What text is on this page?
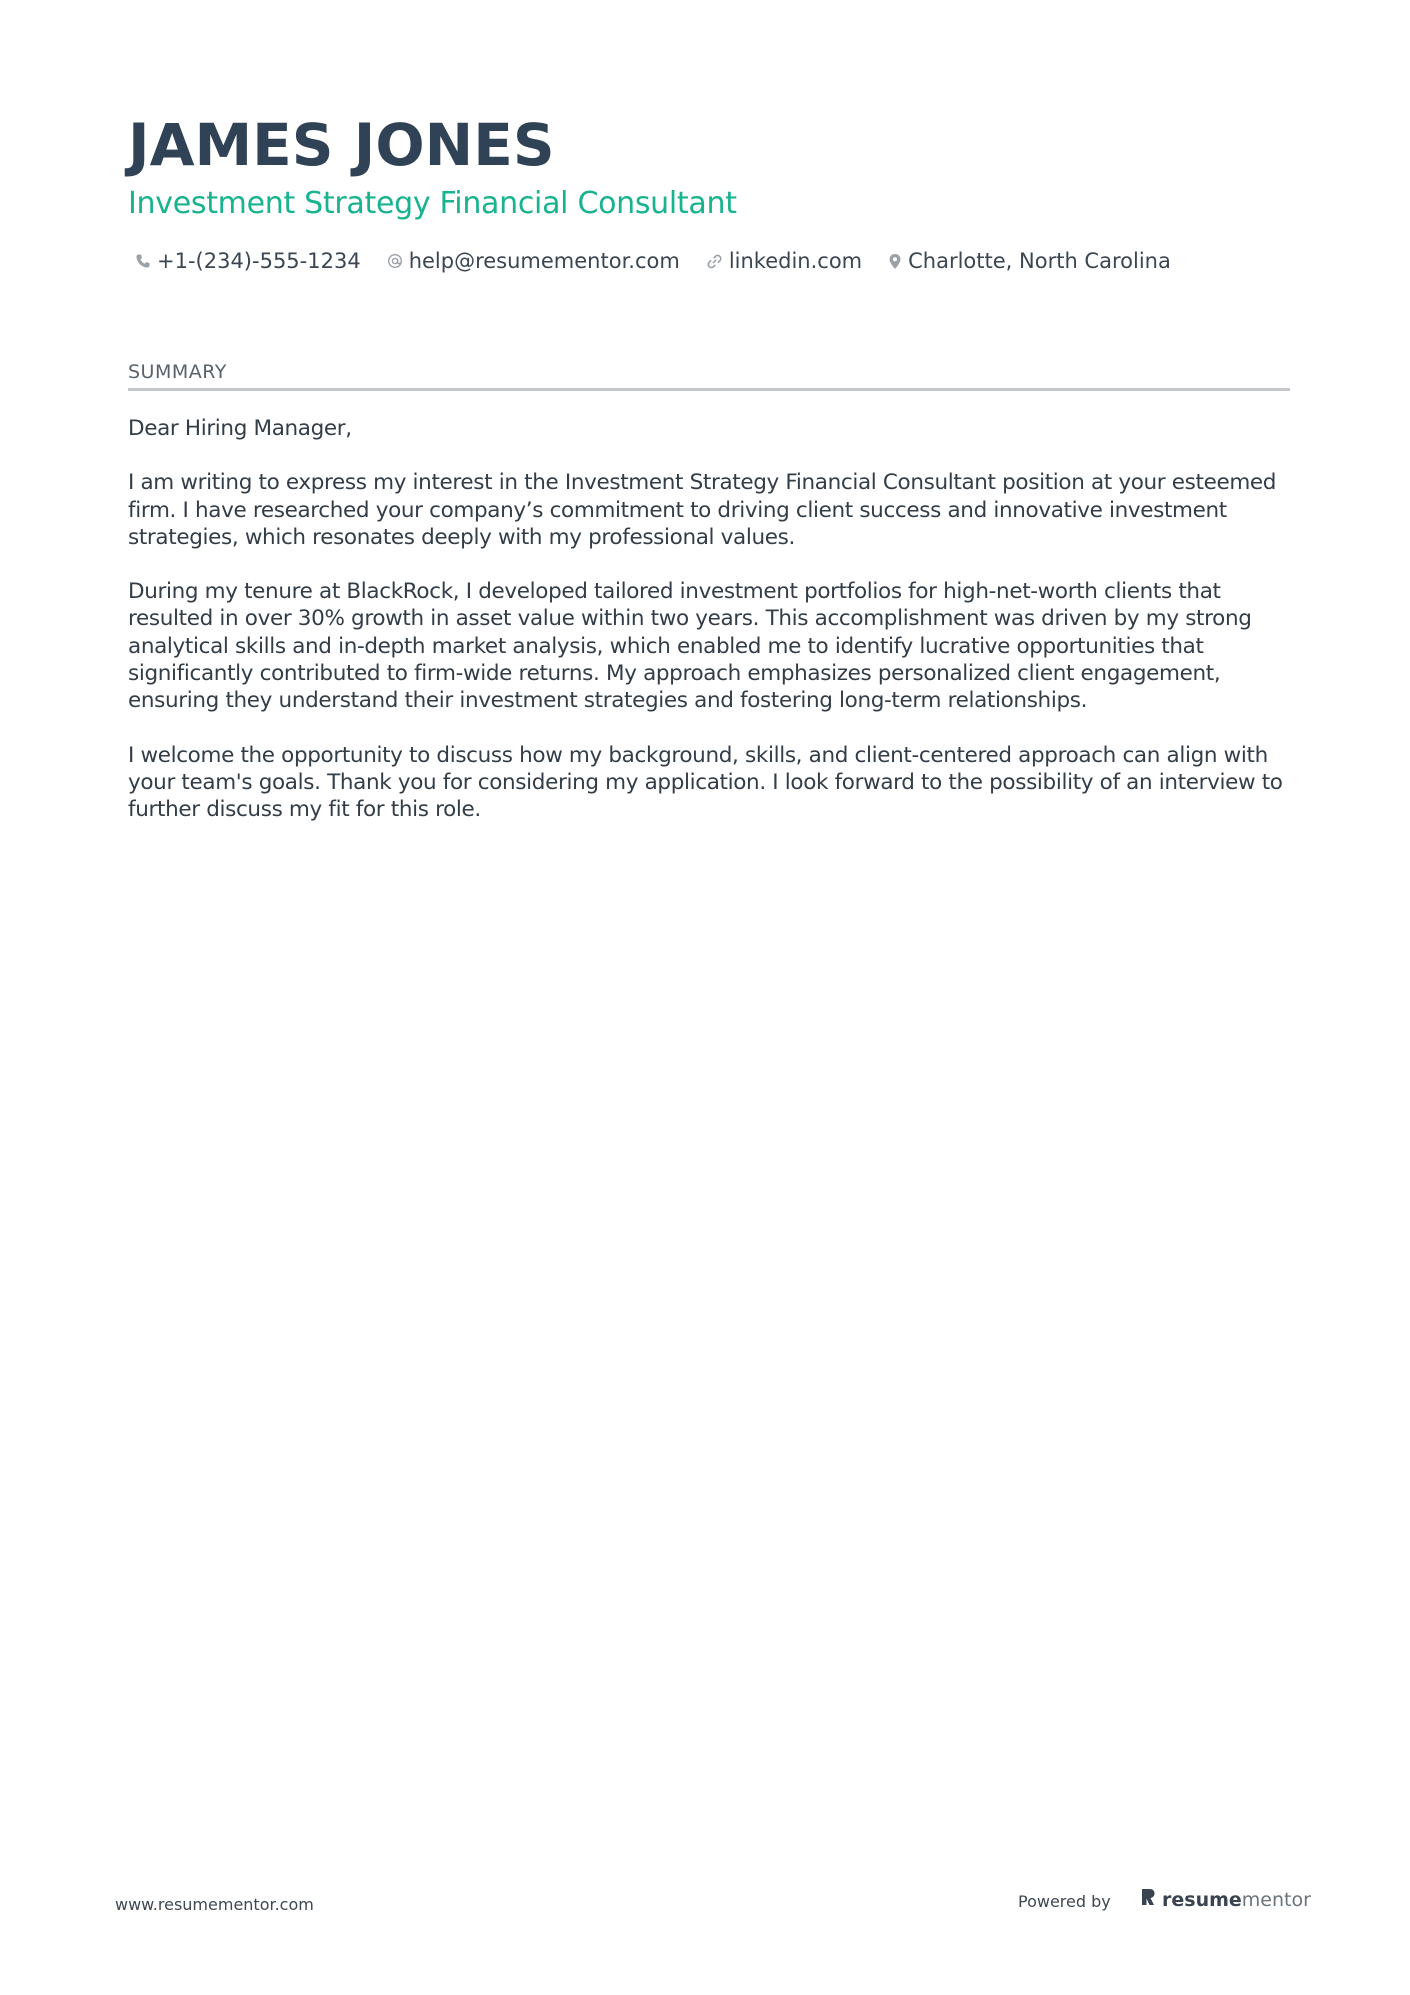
JAMES JONES
Investment Strategy Financial Consultant
+1-(234)-555-1234 help@resumementor.com linkedin.com Charlotte, North Carolina
SUMMARY

Dear Hiring Manager,

I am writing to express my interest in the Investment Strategy Financial Consultant position at your esteemed firm. I have researched your company’s commitment to driving client success and innovative investment strategies, which resonates deeply with my professional values.

During my tenure at BlackRock, I developed tailored investment portfolios for high-net-worth clients that resulted in over 30% growth in asset value within two years. This accomplishment was driven by my strong analytical skills and in-depth market analysis, which enabled me to identify lucrative opportunities that significantly contributed to firm-wide returns. My approach emphasizes personalized client engagement, ensuring they understand their investment strategies and fostering long-term relationships.

I welcome the opportunity to discuss how my background, skills, and client-centered approach can align with your team's goals. Thank you for considering my application. I look forward to the possibility of an interview to further discuss my fit for this role.

www.resumementor.com	Powered by	resumementor
